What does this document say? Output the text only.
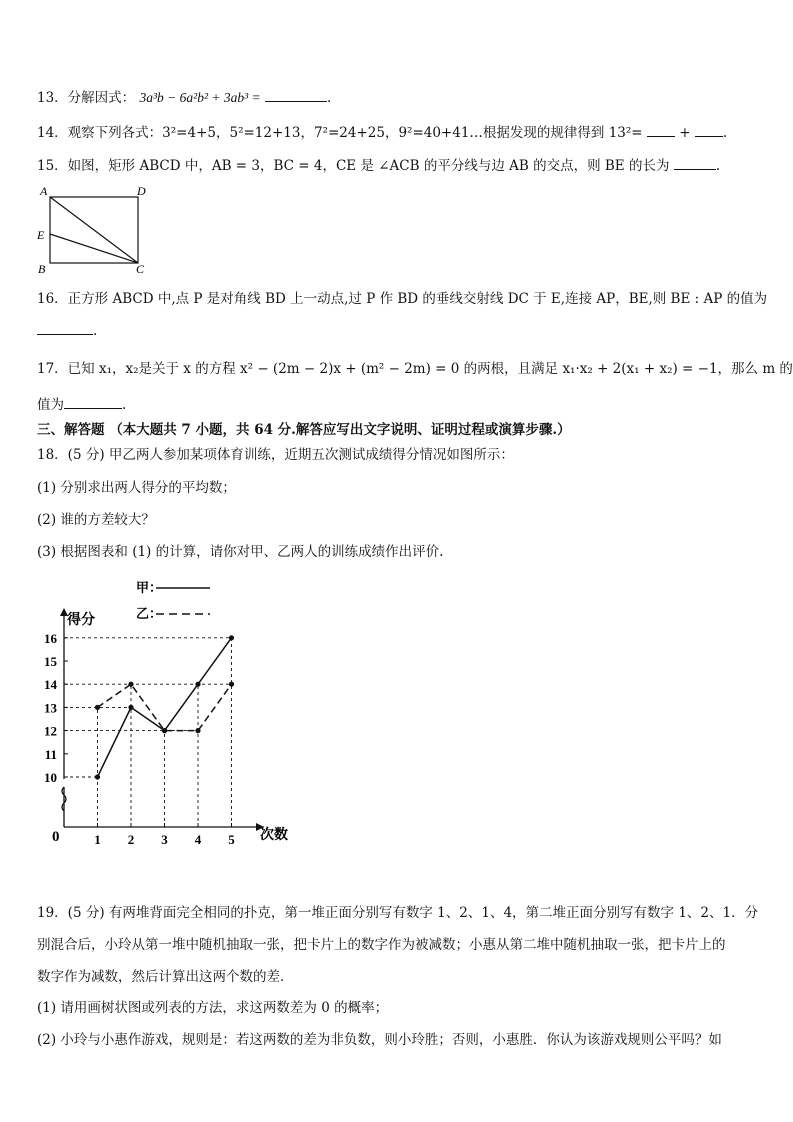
13．分解因式： 3a³b − 6a²b² + 3ab³ =	.
14．观察下列各式：3²=4+5，5²=12+13，7²=24+25，9²=40+41…根据发现的规律得到 13²=	+ .
15．如图，矩形 ABCD 中，AB = 3，BC = 4，CE 是 ∠ACB 的平分线与边 AB 的交点，则 BE 的长为	.
A	D
E
B	C
16．正方形 ABCD 中,点 P 是对角线 BD 上一动点,过 P 作 BD 的垂线交射线 DC 于 E,连接 AP，BE,则 BE : AP 的值为
.
17．已知 x₁，x₂是关于 x 的方程 x² − (2m − 2)x + (m² − 2m) = 0 的两根，且满足 x₁·x₂ + 2(x₁ + x₂) = −1，那么 m 的
值为	.
三、解答题 （本大题共 7 小题，共 64 分.解答应写出文字说明、证明过程或演算步骤.）
18．(5 分) 甲乙两人参加某项体育训练，近期五次测试成绩得分情况如图所示：
(1) 分别求出两人得分的平均数；
(2) 谁的方差较大？
(3) 根据图表和 (1) 的计算，请你对甲、乙两人的训练成绩作出评价.
得分
次数
0
10
11
12
13
14
15
16
1 2 3 4 5
甲：
乙：
19．(5 分) 有两堆背面完全相同的扑克，第一堆正面分别写有数字 1、2、1、4，第二堆正面分别写有数字 1、2、1．分
别混合后，小玲从第一堆中随机抽取一张，把卡片上的数字作为被减数；小惠从第二堆中随机抽取一张，把卡片上的
数字作为减数，然后计算出这两个数的差．
(1) 请用画树状图或列表的方法，求这两数差为 0 的概率；
(2) 小玲与小惠作游戏，规则是：若这两数的差为非负数，则小玲胜；否则，小惠胜．你认为该游戏规则公平吗？如
